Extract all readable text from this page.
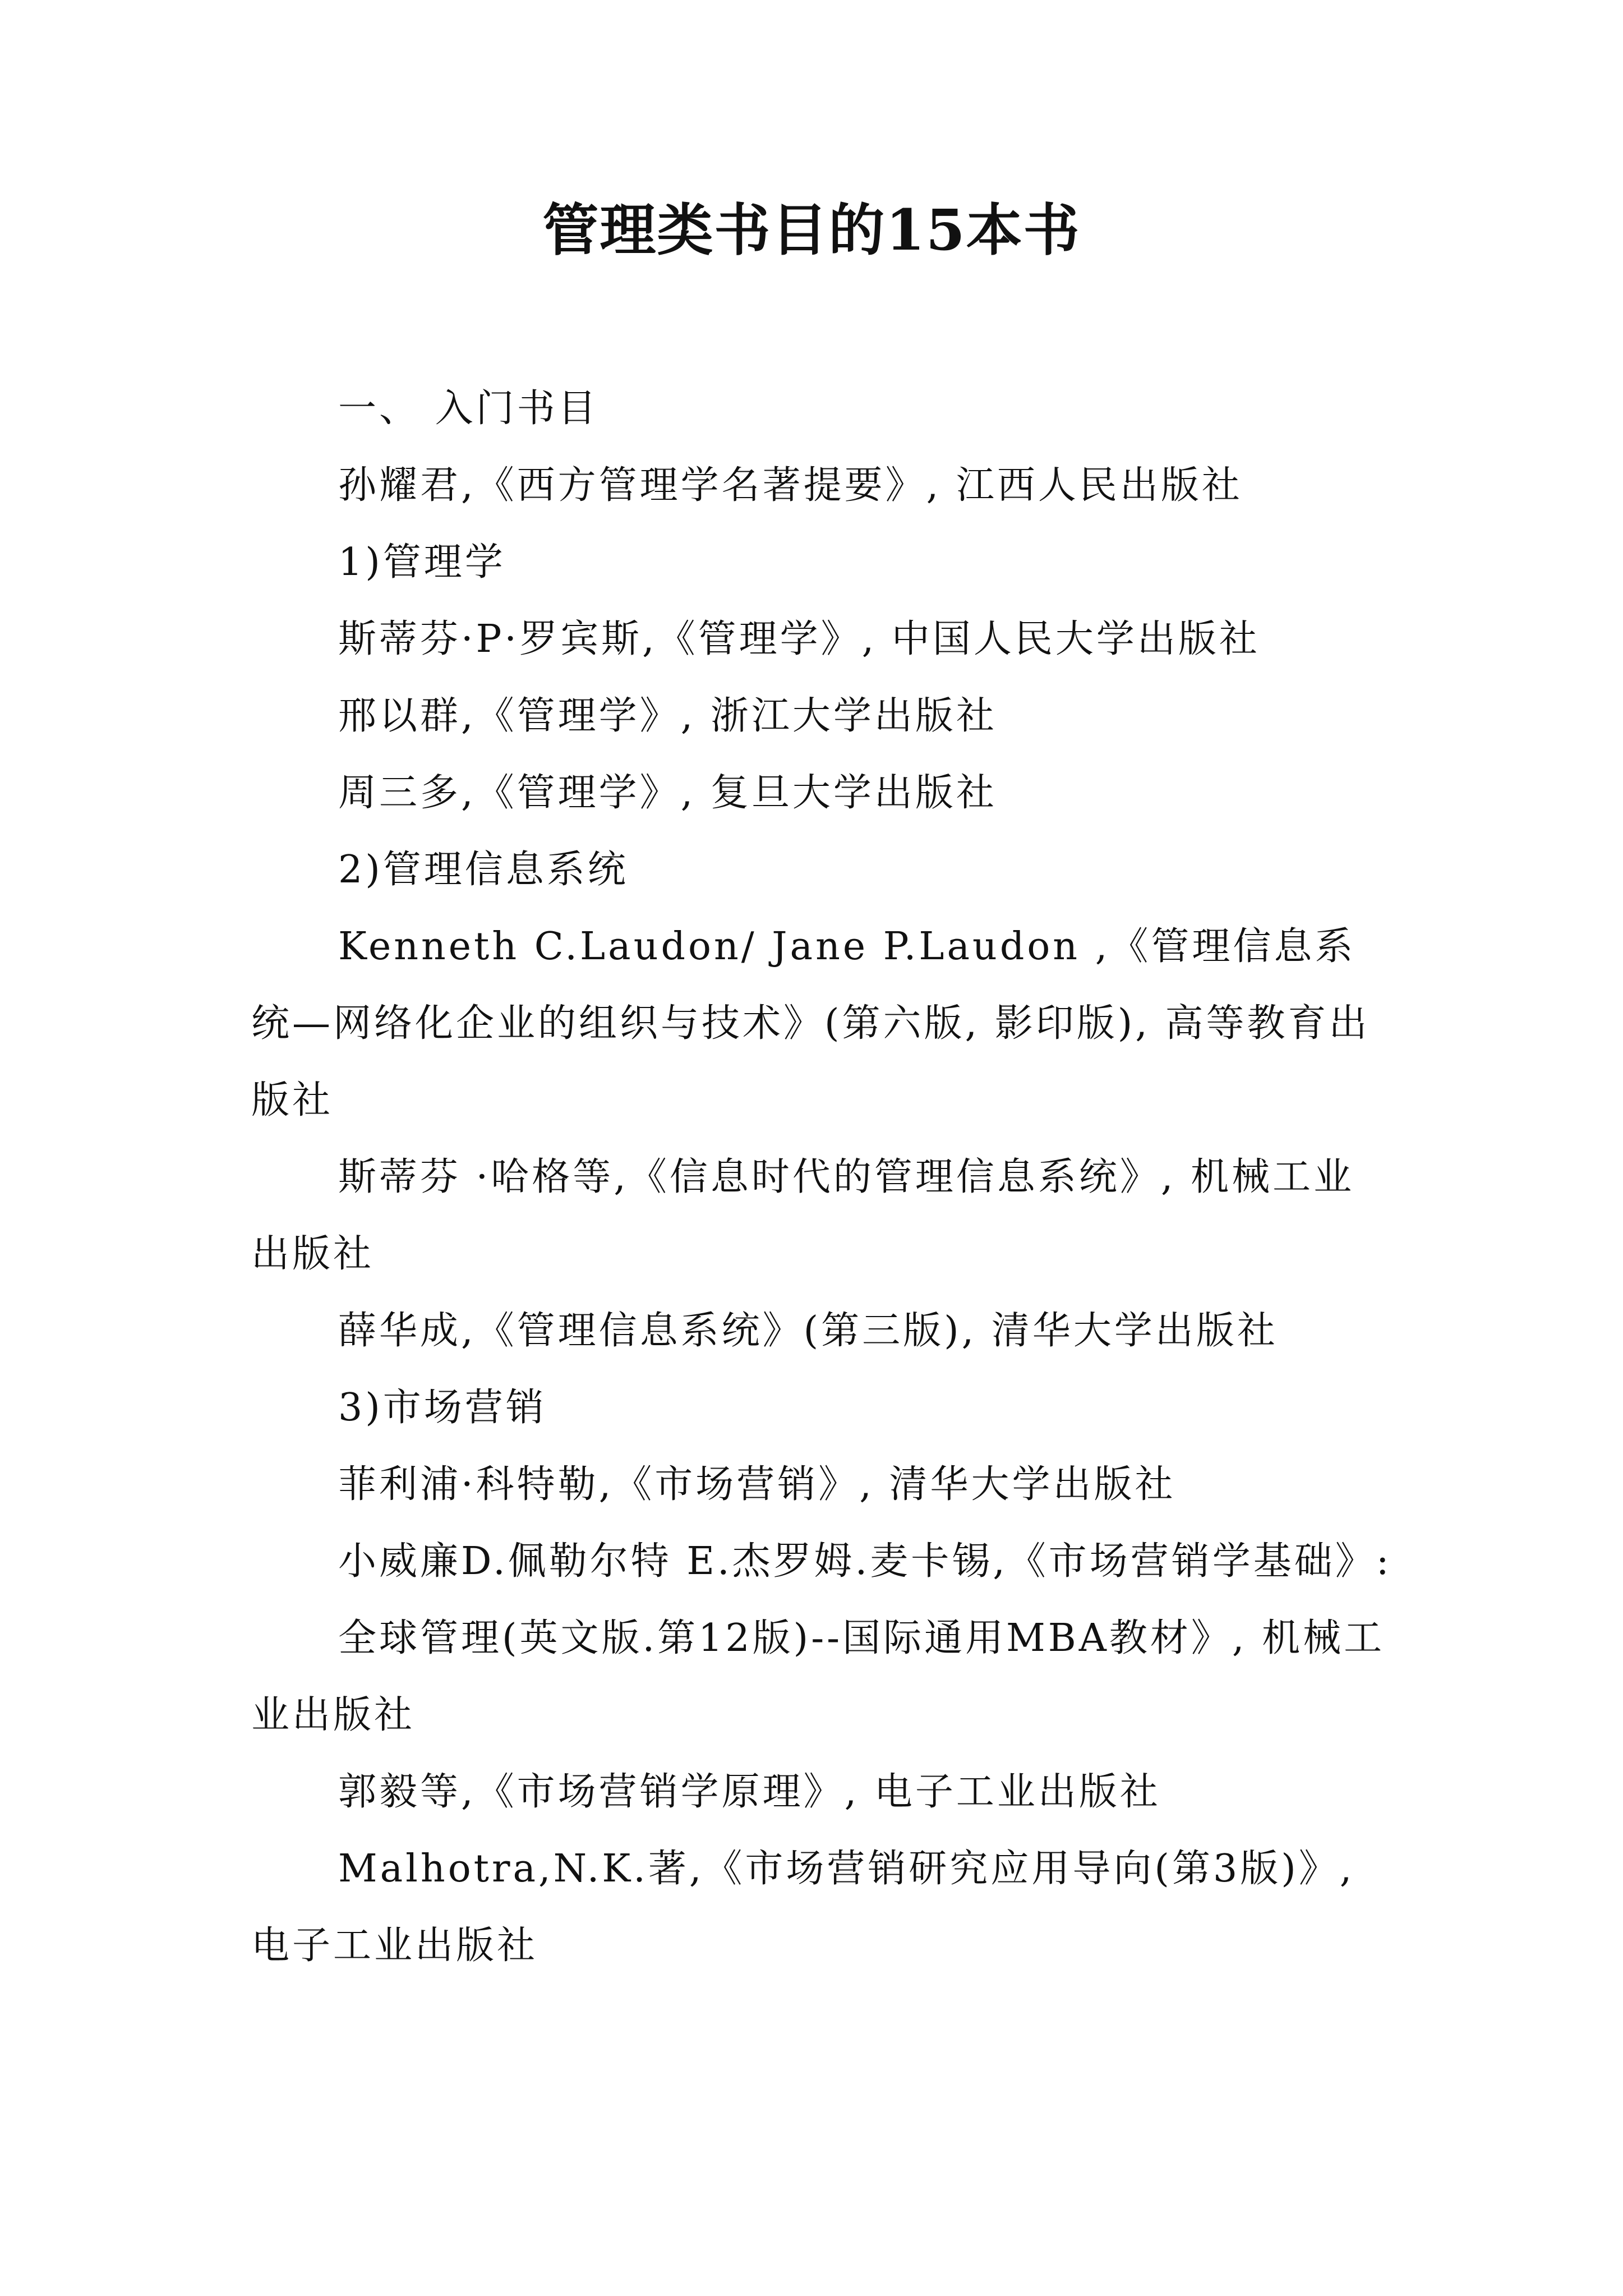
管理类书目的15本书

一、 入门书目

孙耀君,《西方管理学名著提要》, 江西人民出版社

1)管理学

斯蒂芬·P·罗宾斯,《管理学》, 中国人民大学出版社

邢以群,《管理学》, 浙江大学出版社

周三多,《管理学》, 复旦大学出版社

2)管理信息系统

Kenneth C.Laudon/ Jane P.Laudon ,《管理信息系统—网络化企业的组织与技术》(第六版, 影印版), 高等教育出版社

斯蒂芬 ·哈格等,《信息时代的管理信息系统》, 机械工业出版社

薛华成,《管理信息系统》(第三版), 清华大学出版社

3)市场营销

菲利浦·科特勒,《市场营销》, 清华大学出版社

小威廉D.佩勒尔特 E.杰罗姆.麦卡锡,《市场营销学基础》:

全球管理(英文版.第12版)--国际通用MBA教材》, 机械工业出版社

郭毅等,《市场营销学原理》, 电子工业出版社

Malhotra,N.K.著,《市场营销研究应用导向(第3版)》, 电子工业出版社
